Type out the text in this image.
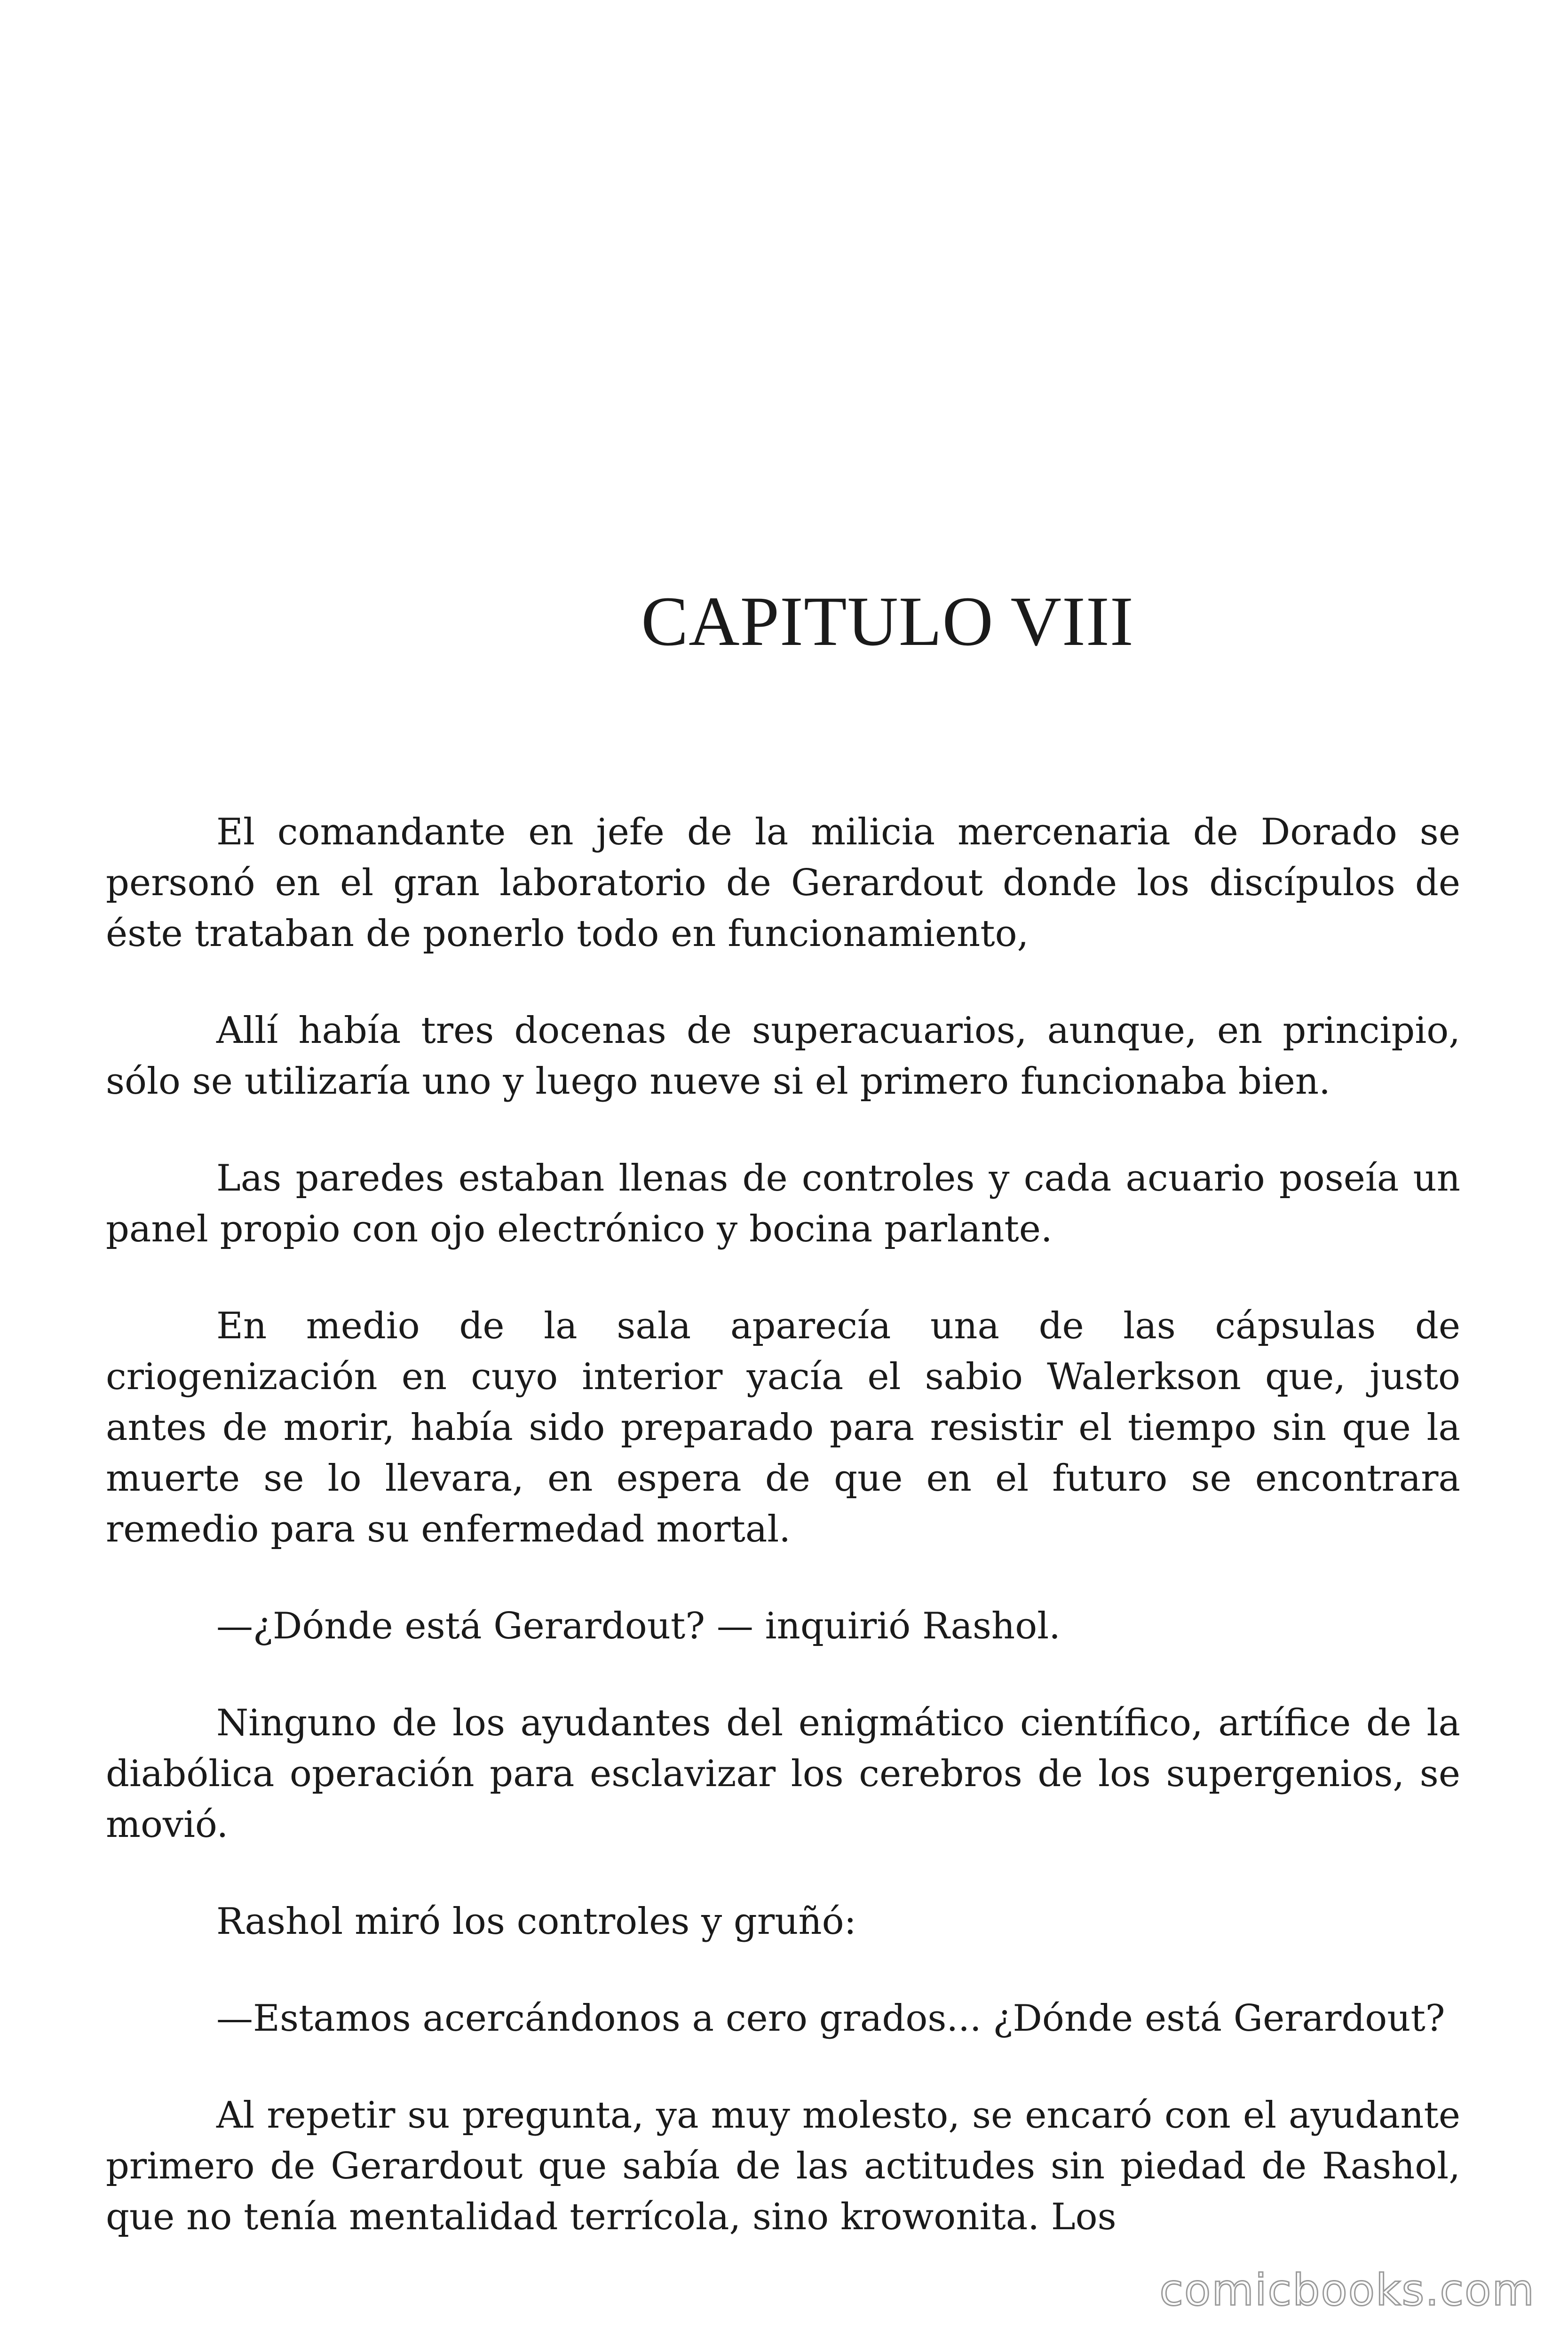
CAPITULO VIII

El comandante en jefe de la milicia mercenaria de Dorado se personó en el gran laboratorio de Gerardout donde los discípulos de éste trataban de ponerlo todo en funcionamiento,

Allí había tres docenas de superacuarios, aunque, en principio, sólo se utilizaría uno y luego nueve si el primero funcionaba bien.

Las paredes estaban llenas de controles y cada acuario poseía un panel propio con ojo electrónico y bocina parlante.

En medio de la sala aparecía una de las cápsulas de criogenización en cuyo interior yacía el sabio Walerkson que, justo antes de morir, había sido preparado para resistir el tiempo sin que la muerte se lo llevara, en espera de que en el futuro se encontrara remedio para su enfermedad mortal.

—¿Dónde está Gerardout? — inquirió Rashol.

Ninguno de los ayudantes del enigmático científico, artífice de la diabólica operación para esclavizar los cerebros de los supergenios, se movió.

Rashol miró los controles y gruñó:

—Estamos acercándonos a cero grados... ¿Dónde está Gerardout?

Al repetir su pregunta, ya muy molesto, se encaró con el ayudante primero de Gerardout que sabía de las actitudes sin piedad de Rashol, que no tenía mentalidad terrícola, sino krowonita. Los

comicbooks.com
